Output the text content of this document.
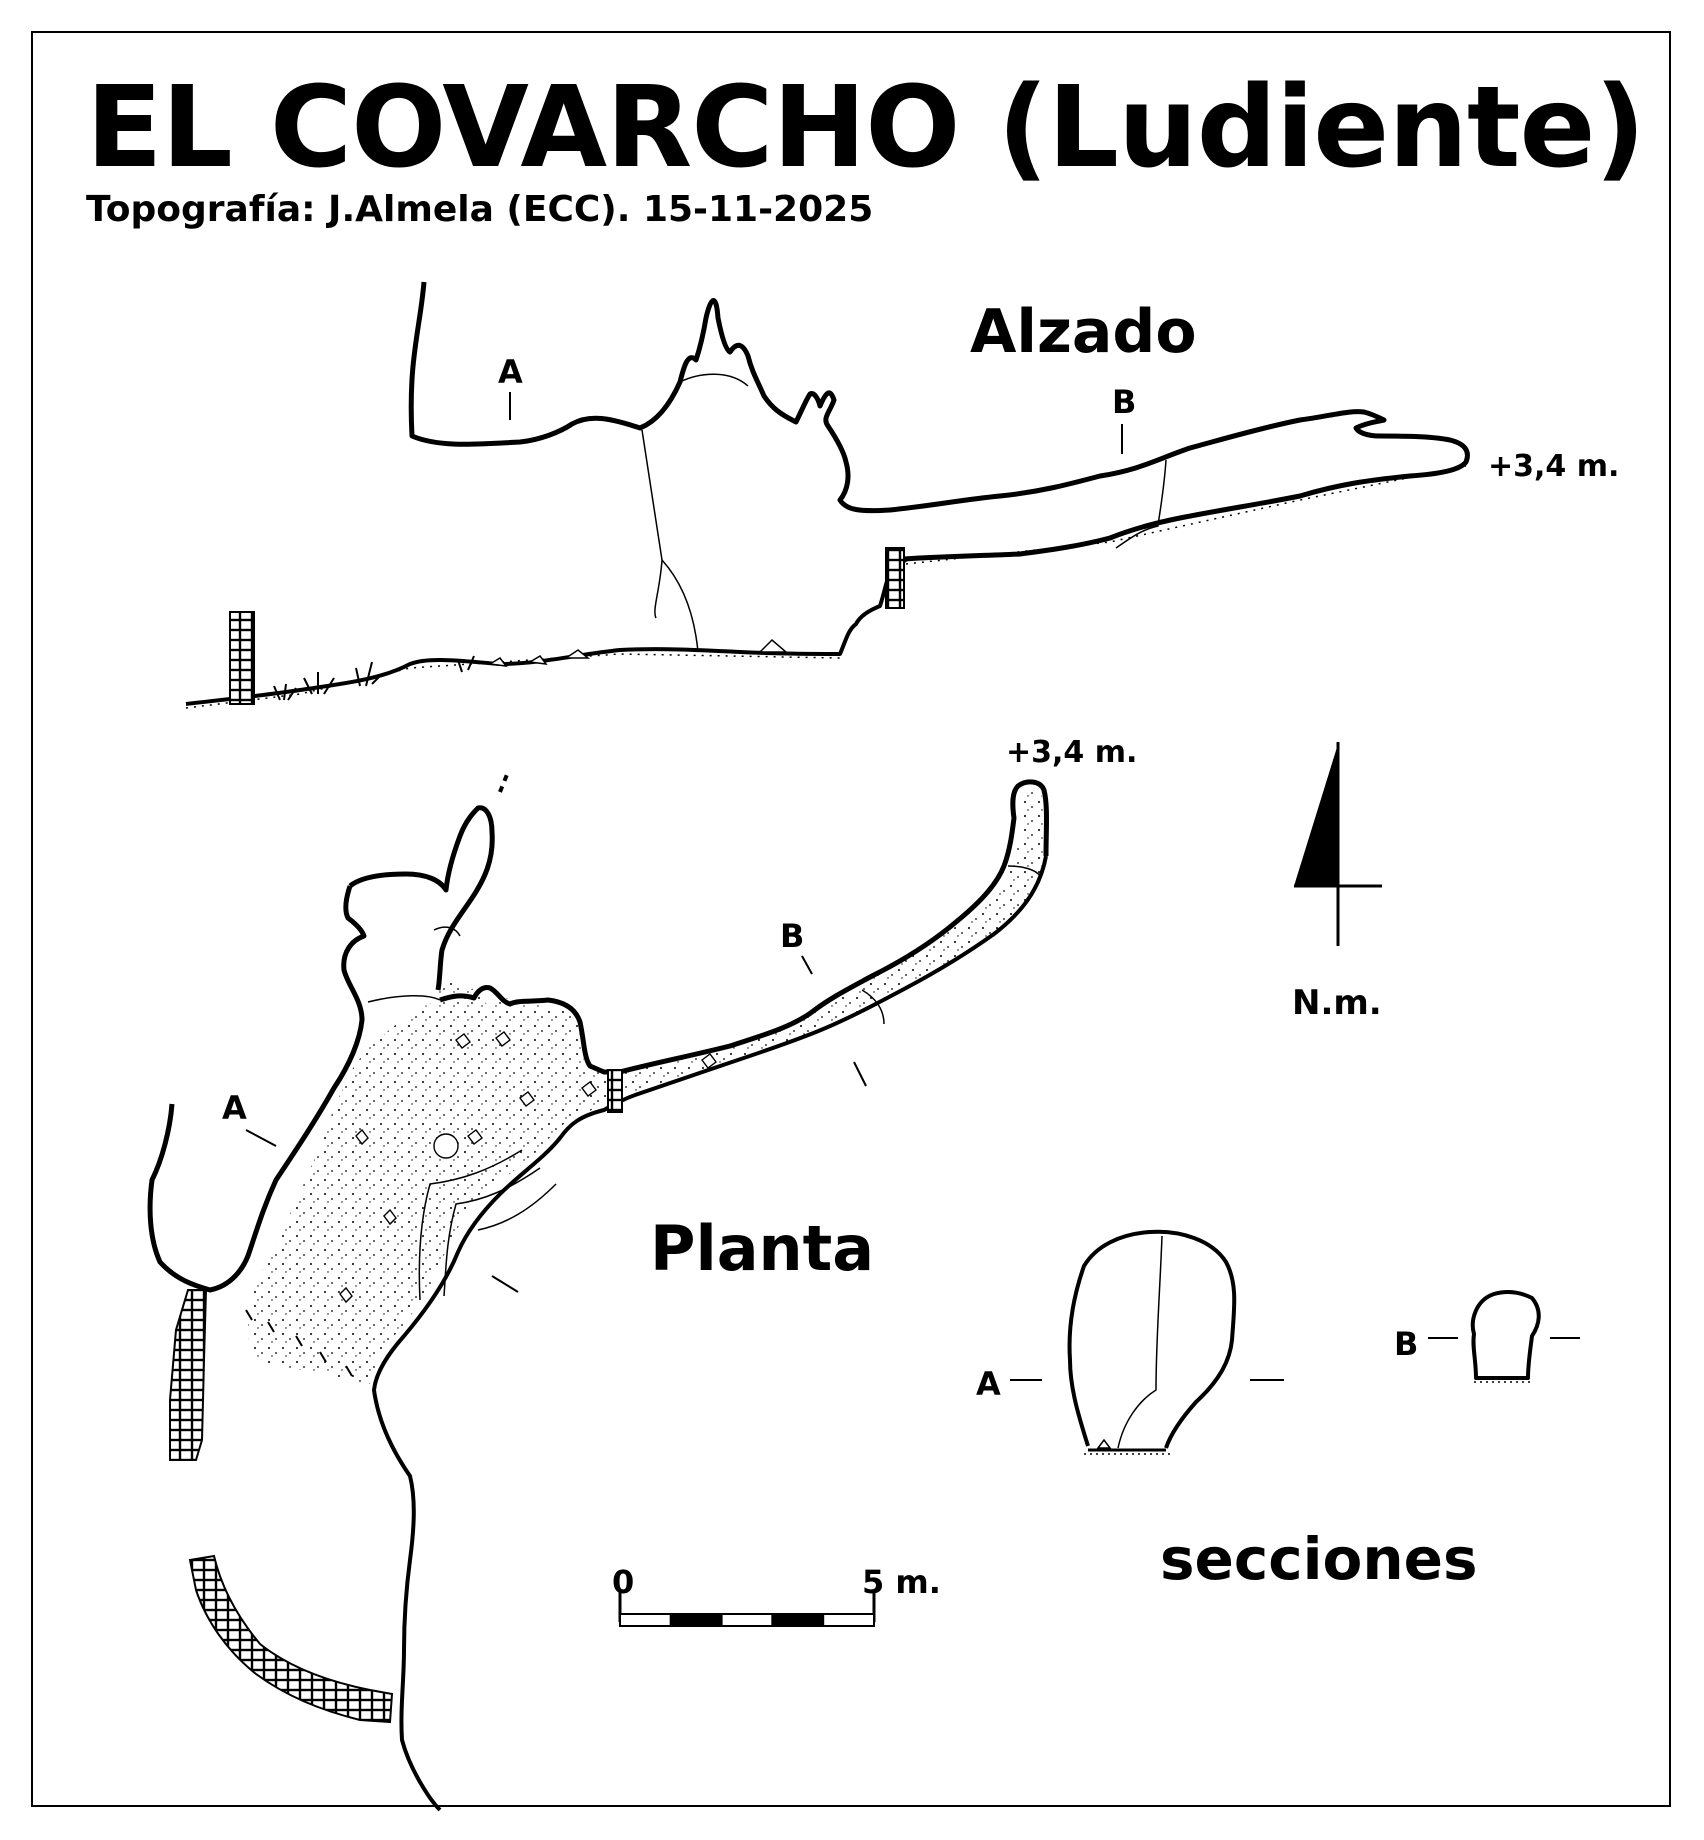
EL COVARCHO (Ludiente)
Topografía: J.Almela (ECC). 15-11-2025
Alzado
+3,4 m.
A
B
Planta
+3,4 m.
A
B
N.m.
0	5 m.	secciones
A
B
